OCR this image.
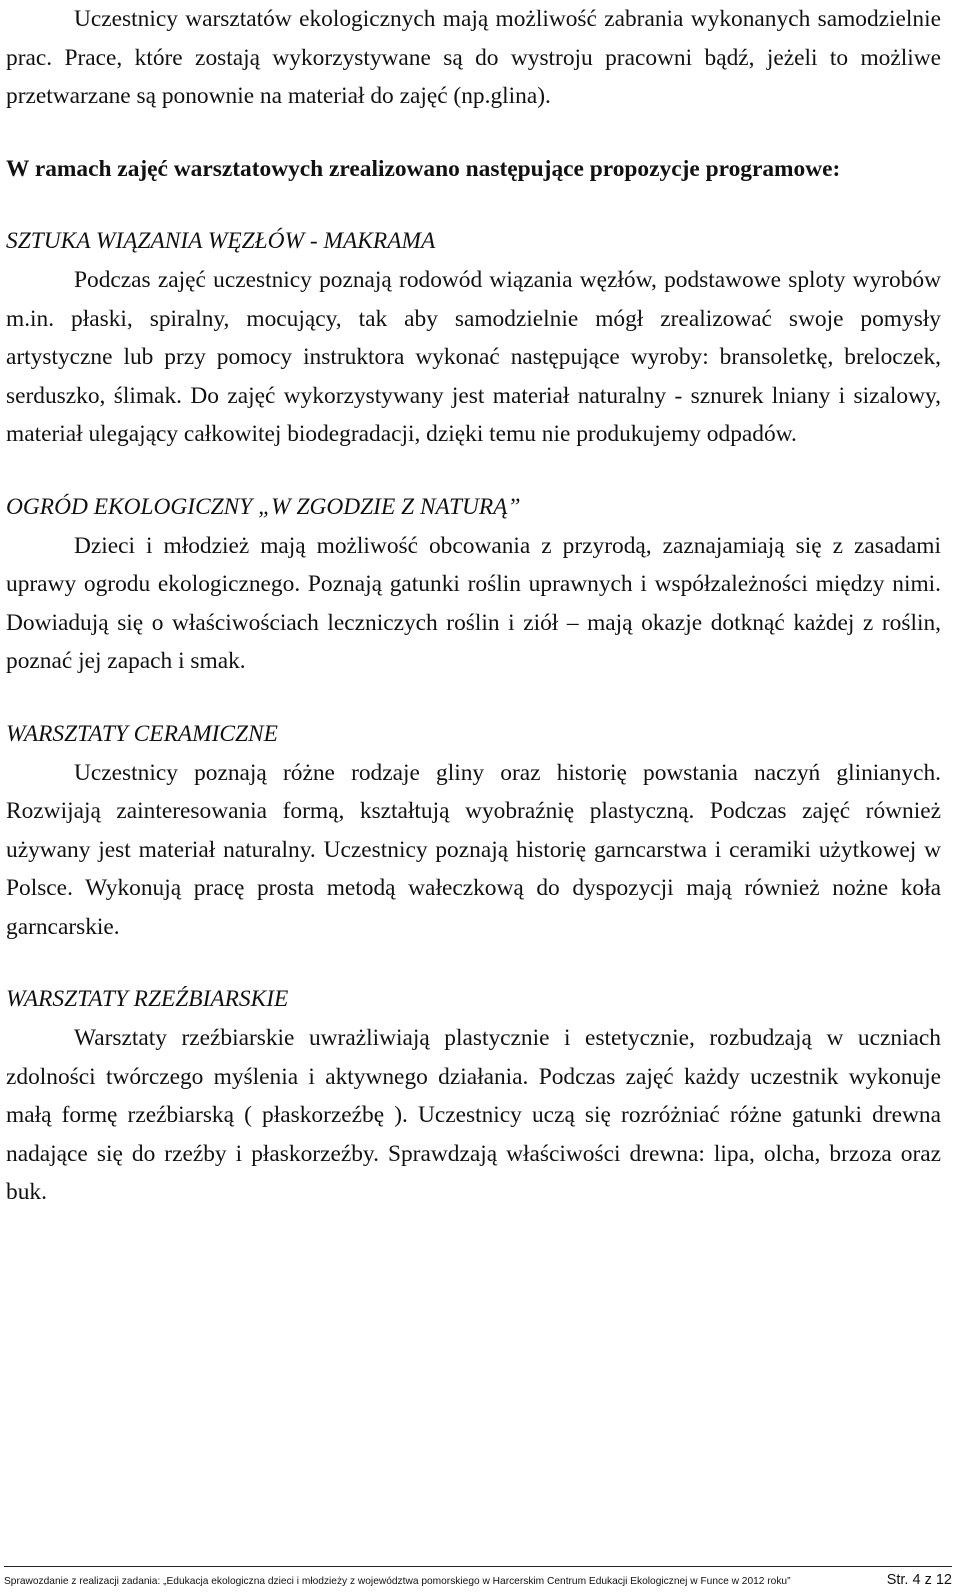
Uczestnicy warsztatów ekologicznych mają możliwość zabrania wykonanych samodzielnie prac. Prace, które zostają wykorzystywane są do wystroju pracowni bądź, jeżeli to możliwe przetwarzane są ponownie na materiał do zajęć (np.glina).

W ramach zajęć warsztatowych zrealizowano następujące propozycje programowe:

SZTUKA WIĄZANIA WĘZŁÓW - MAKRAMA

Podczas zajęć uczestnicy poznają rodowód wiązania węzłów, podstawowe sploty wyrobów m.in. płaski, spiralny, mocujący, tak aby samodzielnie mógł zrealizować swoje pomysły artystyczne lub przy pomocy instruktora wykonać następujące wyroby: bransoletkę, breloczek, serduszko, ślimak. Do zajęć wykorzystywany jest materiał naturalny - sznurek lniany i sizalowy, materiał ulegający całkowitej biodegradacji, dzięki temu nie produkujemy odpadów.

OGRÓD EKOLOGICZNY „W ZGODZIE Z NATURĄ”

Dzieci i młodzież mają możliwość obcowania z przyrodą, zaznajamiają się z zasadami uprawy ogrodu ekologicznego. Poznają gatunki roślin uprawnych i współzależności między nimi. Dowiadują się o właściwościach leczniczych roślin i ziół – mają okazje dotknąć każdej z roślin, poznać jej zapach i smak.

WARSZTATY CERAMICZNE

Uczestnicy poznają różne rodzaje gliny oraz historię powstania naczyń glinianych. Rozwijają zainteresowania formą, kształtują wyobraźnię plastyczną. Podczas zajęć również używany jest materiał naturalny. Uczestnicy poznają historię garncarstwa i ceramiki użytkowej w Polsce. Wykonują pracę prosta metodą wałeczkową do dyspozycji mają również nożne koła garncarskie.

WARSZTATY RZEŹBIARSKIE

Warsztaty rzeźbiarskie uwrażliwiają plastycznie i estetycznie, rozbudzają w uczniach zdolności twórczego myślenia i aktywnego działania. Podczas zajęć każdy uczestnik wykonuje małą formę rzeźbiarską ( płaskorzeźbę ). Uczestnicy uczą się rozróżniać różne gatunki drewna nadające się do rzeźby i płaskorzeźby. Sprawdzają właściwości drewna: lipa, olcha, brzoza oraz buk.

Sprawozdanie z realizacji zadania: „Edukacja ekologiczna dzieci i młodzieży z województwa pomorskiego w Harcerskim Centrum Edukacji Ekologicznej w Funce w 2012 roku”	Str. 4 z 12
